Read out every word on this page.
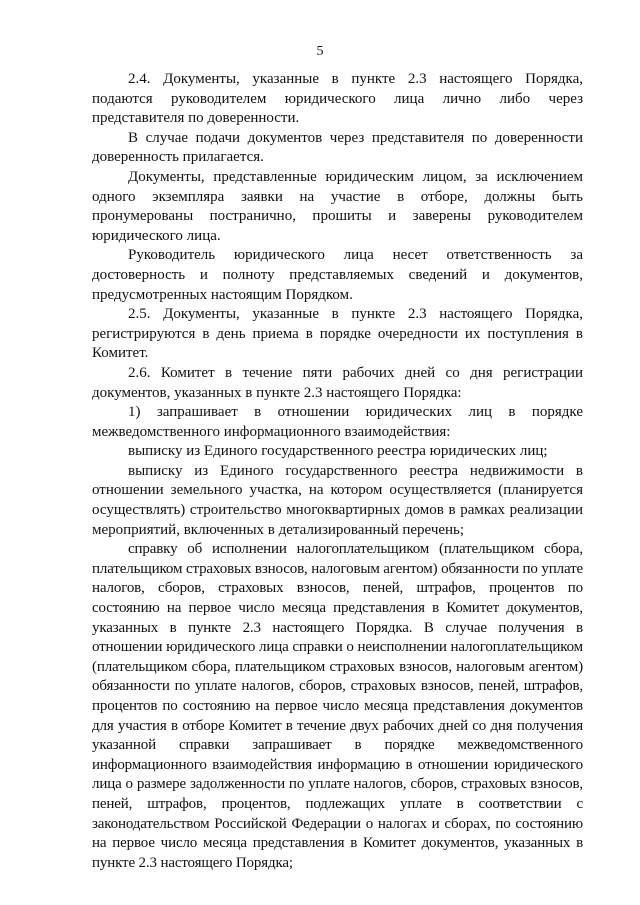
5

2.4. Документы, указанные в пункте 2.3 настоящего Порядка, подаются руководителем юридического лица лично либо через представителя по доверенности.

В случае подачи документов через представителя по доверенности доверенность прилагается.

Документы, представленные юридическим лицом, за исключением одного экземпляра заявки на участие в отборе, должны быть пронумерованы постранично, прошиты и заверены руководителем юридического лица.

Руководитель юридического лица несет ответственность за достоверность и полноту представляемых сведений и документов, предусмотренных настоящим Порядком.

2.5. Документы, указанные в пункте 2.3 настоящего Порядка, регистрируются в день приема в порядке очередности их поступления в Комитет.

2.6. Комитет в течение пяти рабочих дней со дня регистрации документов, указанных в пункте 2.3 настоящего Порядка:

1) запрашивает в отношении юридических лиц в порядке межведомственного информационного взаимодействия:

выписку из Единого государственного реестра юридических лиц;

выписку из Единого государственного реестра недвижимости в отношении земельного участка, на котором осуществляется (планируется осуществлять) строительство многоквартирных домов в рамках реализации мероприятий, включенных в детализированный перечень;

справку об исполнении налогоплательщиком (плательщиком сбора, плательщиком страховых взносов, налоговым агентом) обязанности по уплате налогов, сборов, страховых взносов, пеней, штрафов, процентов по состоянию на первое число месяца представления в Комитет документов, указанных в пункте 2.3 настоящего Порядка. В случае получения в отношении юридического лица справки о неисполнении налогоплательщиком (плательщиком сбора, плательщиком страховых взносов, налоговым агентом) обязанности по уплате налогов, сборов, страховых взносов, пеней, штрафов, процентов по состоянию на первое число месяца представления документов для участия в отборе Комитет в течение двух рабочих дней со дня получения указанной справки запрашивает в порядке межведомственного информационного взаимодействия информацию в отношении юридического лица о размере задолженности по уплате налогов, сборов, страховых взносов, пеней, штрафов, процентов, подлежащих уплате в соответствии с законодательством Российской Федерации о налогах и сборах, по состоянию на первое число месяца представления в Комитет документов, указанных в пункте 2.3 настоящего Порядка;
